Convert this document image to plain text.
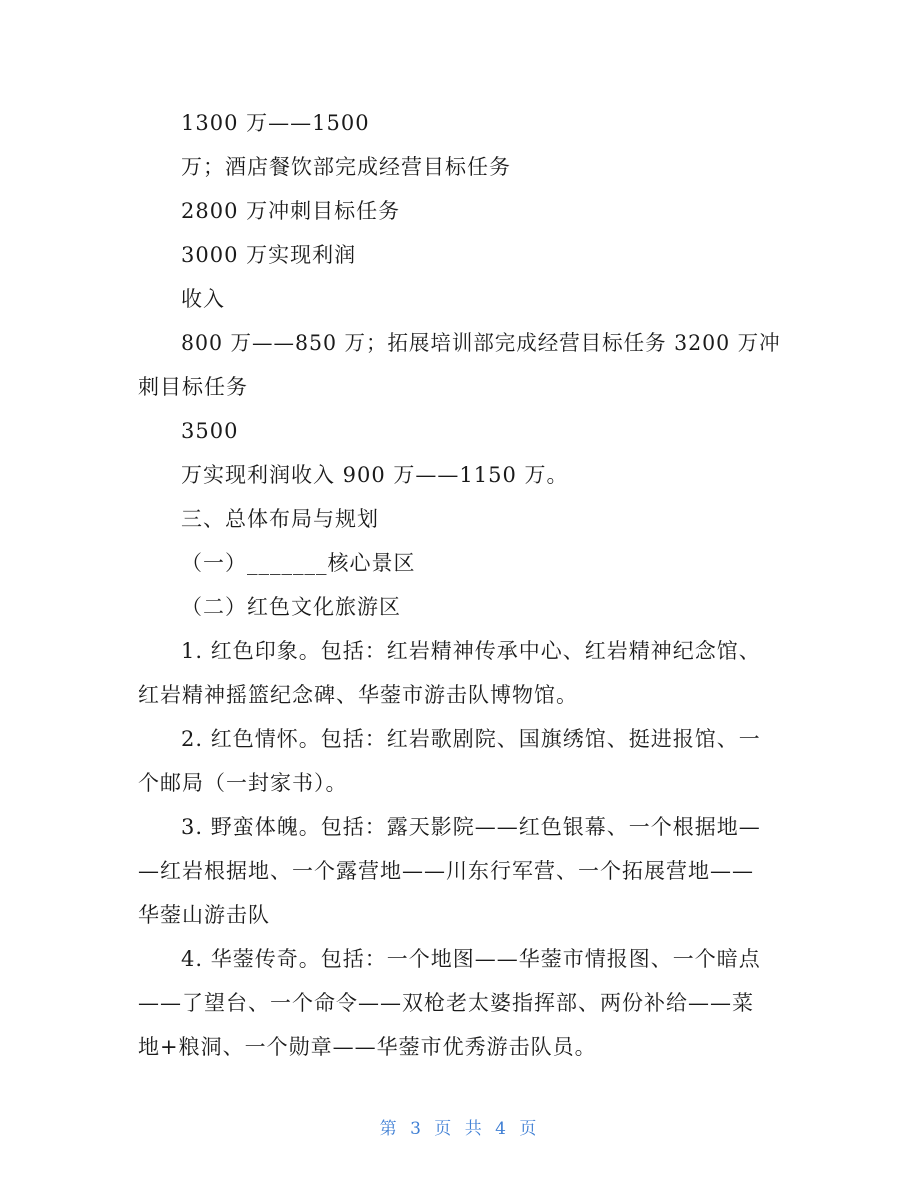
1300 万——1500
万；酒店餐饮部完成经营目标任务
2800 万冲刺目标任务
3000 万实现利润
收入
800 万——850 万；拓展培训部完成经营目标任务 3200 万冲
刺目标任务
3500
万实现利润收入 900 万——1150 万。
三、总体布局与规划
（一）_______核心景区
（二）红色文化旅游区
1. 红色印象。包括：红岩精神传承中心、红岩精神纪念馆、
红岩精神摇篮纪念碑、华蓥市游击队博物馆。
2. 红色情怀。包括：红岩歌剧院、国旗绣馆、挺进报馆、一
个邮局（一封家书）。
3. 野蛮体魄。包括：露天影院——红色银幕、一个根据地—
—红岩根据地、一个露营地——川东行军营、一个拓展营地——
华蓥山游击队
4. 华蓥传奇。包括：一个地图——华蓥市情报图、一个暗点
——了望台、一个命令——双枪老太婆指挥部、两份补给——菜
地+粮洞、一个勋章——华蓥市优秀游击队员。
第 3 页 共 4 页
